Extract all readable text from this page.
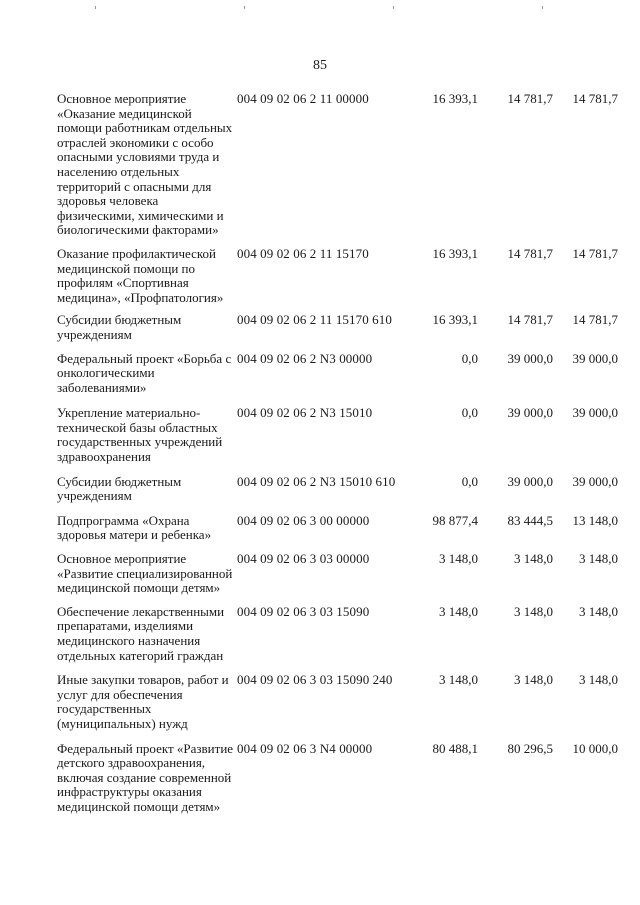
85
Основное мероприятие «Оказание медицинской помощи работникам отдельных отраслей экономики с особо опасными условиями труда и населению отдельных территорий с опасными для здоровья человека физическими, химическими и биологическими факторами»
004 09 02 06 2 11 00000	16 393,1	14 781,7	14 781,7
Оказание профилактической медицинской помощи по профилям «Спортивная медицина», «Профпатология»
004 09 02 06 2 11 15170	16 393,1	14 781,7	14 781,7
Субсидии бюджетным учреждениям
004 09 02 06 2 11 15170 610	16 393,1	14 781,7	14 781,7
Федеральный проект «Борьба с онкологическими заболеваниями»
004 09 02 06 2 N3 00000	0,0	39 000,0	39 000,0
Укрепление материально-технической базы областных государственных учреждений здравоохранения
004 09 02 06 2 N3 15010	0,0	39 000,0	39 000,0
Субсидии бюджетным учреждениям
004 09 02 06 2 N3 15010 610	0,0	39 000,0	39 000,0
Подпрограмма «Охрана здоровья матери и ребенка»
004 09 02 06 3 00 00000	98 877,4	83 444,5	13 148,0
Основное мероприятие «Развитие специализированной медицинской помощи детям»
004 09 02 06 3 03 00000	3 148,0	3 148,0	3 148,0
Обеспечение лекарственными препаратами, изделиями медицинского назначения отдельных категорий граждан
004 09 02 06 3 03 15090	3 148,0	3 148,0	3 148,0
Иные закупки товаров, работ и услуг для обеспечения государственных (муниципальных) нужд
004 09 02 06 3 03 15090 240	3 148,0	3 148,0	3 148,0
Федеральный проект «Развитие детского здравоохранения, включая создание современной инфраструктуры оказания медицинской помощи детям»
004 09 02 06 3 N4 00000	80 488,1	80 296,5	10 000,0
